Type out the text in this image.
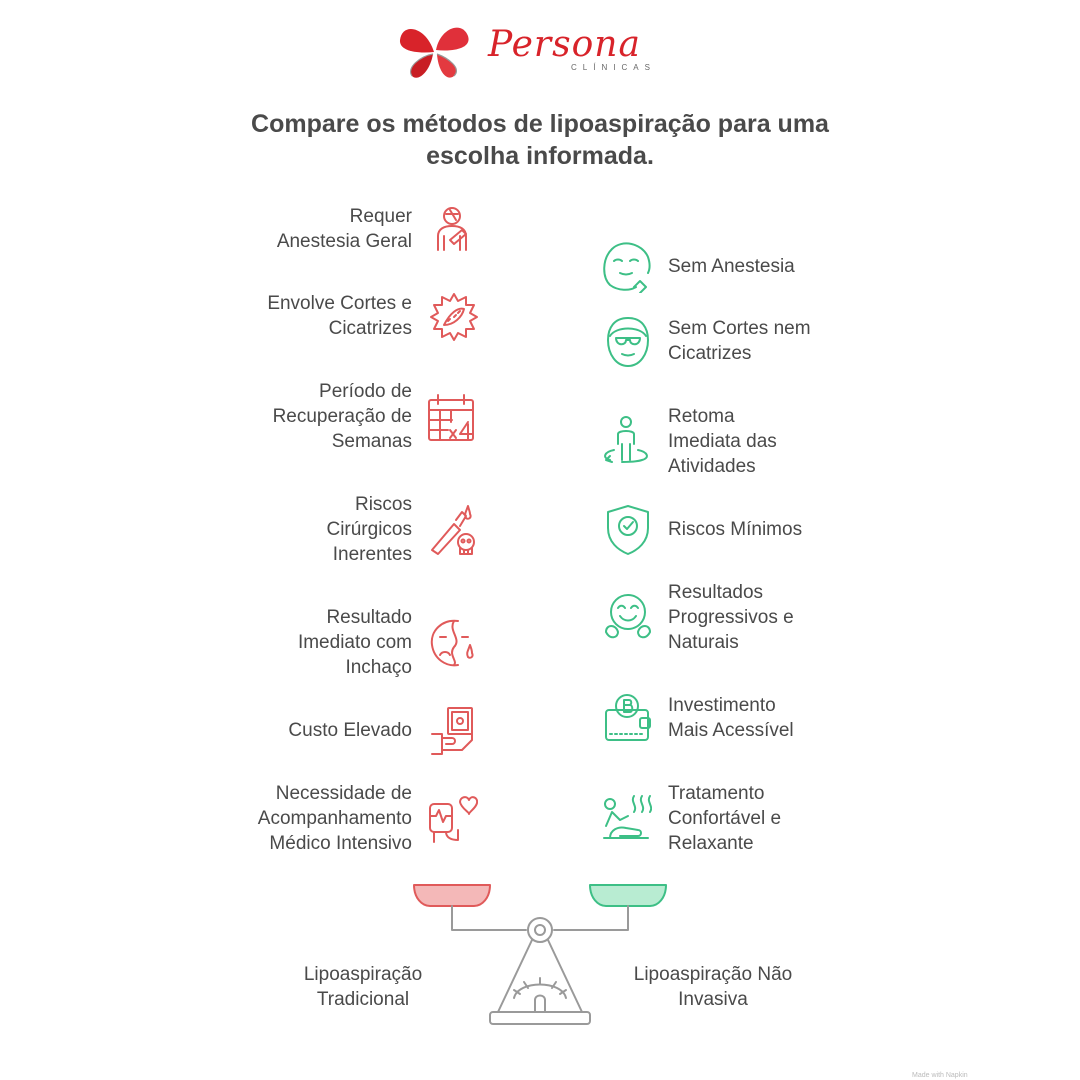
Persona
CLÍNICAS
Compare os métodos de lipoaspiração para uma
escolha informada.
Requer
Anestesia Geral
Envolve Cortes e
Cicatrizes
Período de
Recuperação de
Semanas
Riscos
Cirúrgicos
Inerentes
Resultado
Imediato com
Inchaço
Custo Elevado
Necessidade de
Acompanhamento
Médico Intensivo
Sem Anestesia
Sem Cortes nem
Cicatrizes
Retoma
Imediata das
Atividades
Riscos Mínimos
Resultados
Progressivos e
Naturais
Investimento
Mais Acessível
Tratamento
Confortável e
Relaxante
Lipoaspiração
Tradicional
Lipoaspiração Não
Invasiva
Made with Napkin
